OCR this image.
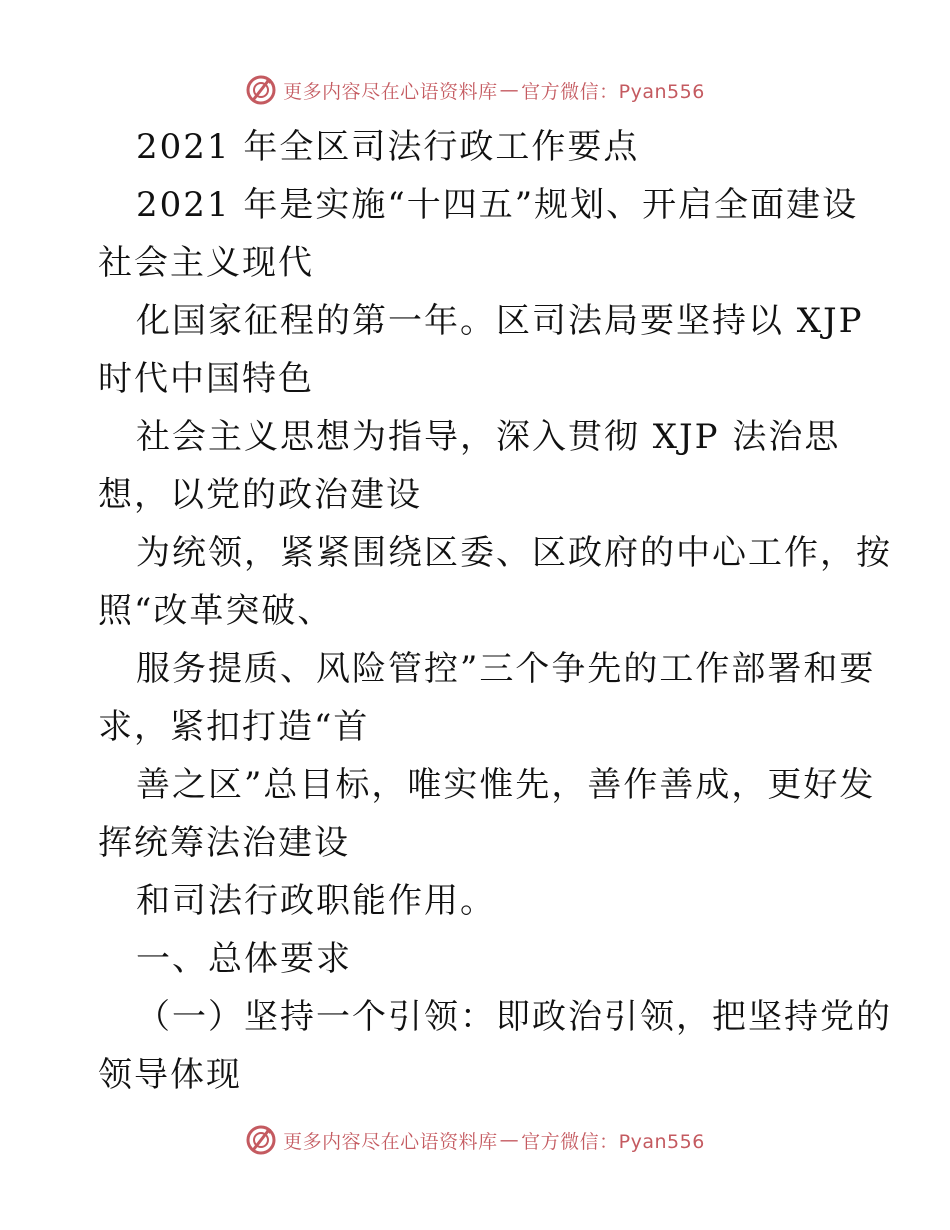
更多内容尽在心语资料库 — 官方微信：Pyan556
2021 年全区司法行政工作要点
2021 年是实施“十四五”规划、开启全面建设
社会主义现代
化国家征程的第一年。区司法局要坚持以 XJP
时代中国特色
社会主义思想为指导，深入贯彻 XJP 法治思
想，以党的政治建设
为统领，紧紧围绕区委、区政府的中心工作，按
照“改革突破、
服务提质、风险管控”三个争先的工作部署和要
求，紧扣打造“首
善之区”总目标，唯实惟先，善作善成，更好发
挥统筹法治建设
和司法行政职能作用。
一、总体要求
（一）坚持一个引领：即政治引领，把坚持党的
领导体现
更多内容尽在心语资料库 — 官方微信：Pyan556
